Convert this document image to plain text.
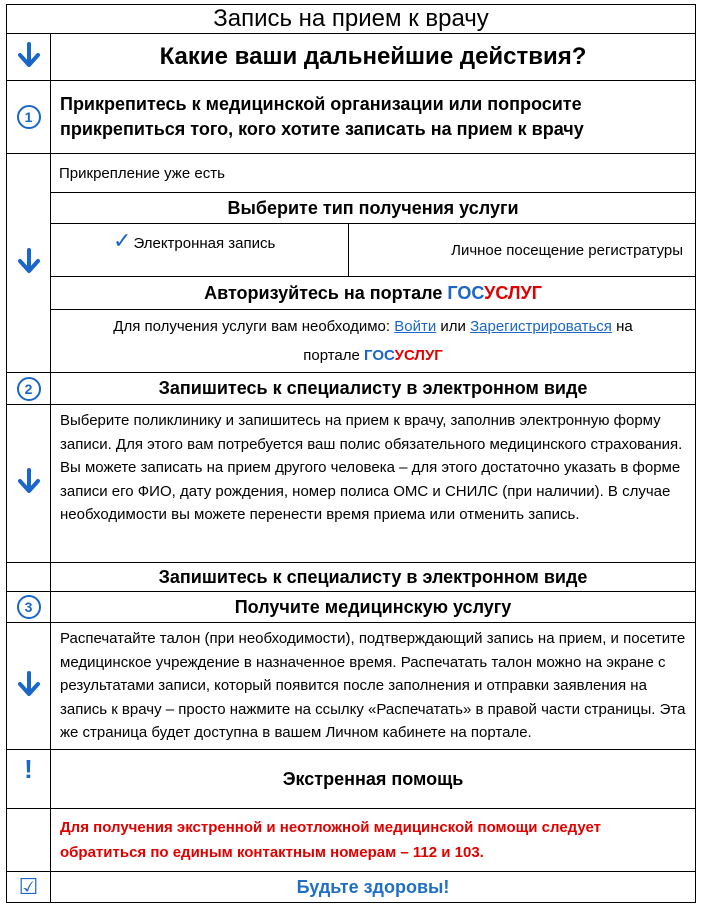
Запись на прием к врачу		
	Какие ваши дальнейшие действия?	
1	Прикрепитесь к медицинской организации или попросите прикрепиться того, кого хотите записать на прием к врачу	
	Прикрепление уже есть	
	Выберите тип получения услуги	
	✓ Электронная запись	Личное посещение регистратуры
	Авторизуйтесь на портале ГОСУСЛУГ	
	Для получения услуги вам необходимо: Войти или Зарегистрироваться на
портале ГОСУСЛУГ	
2	Запишитесь к специалисту в электронном виде	
	Выберите поликлинику и запишитесь на прием к врачу, заполнив электронную форму записи. Для этого вам потребуется ваш полис обязательного медицинского страхования. Вы можете записать на прием другого человека – для этого достаточно указать в форме записи его ФИО, дату рождения, номер полиса ОМС и СНИЛС (при наличии). В случае необходимости вы можете перенести время приема или отменить запись.	
	Запишитесь к специалисту в электронном виде	
3	Получите медицинскую услугу	
	Распечатайте талон (при необходимости), подтверждающий запись на прием, и посетите медицинское учреждение в назначенное время. Распечатать талон можно на экране с результатами записи, который появится после заполнения и отправки заявления на запись к врачу – просто нажмите на ссылку «Распечатать» в правой части страницы. Эта же страница будет доступна в вашем Личном кабинете на портале.	
!	Экстренная помощь	
	Для получения экстренной и неотложной медицинской помощи следует обратиться по единым контактным номерам – 112 и 103.	
☑	Будьте здоровы!	
